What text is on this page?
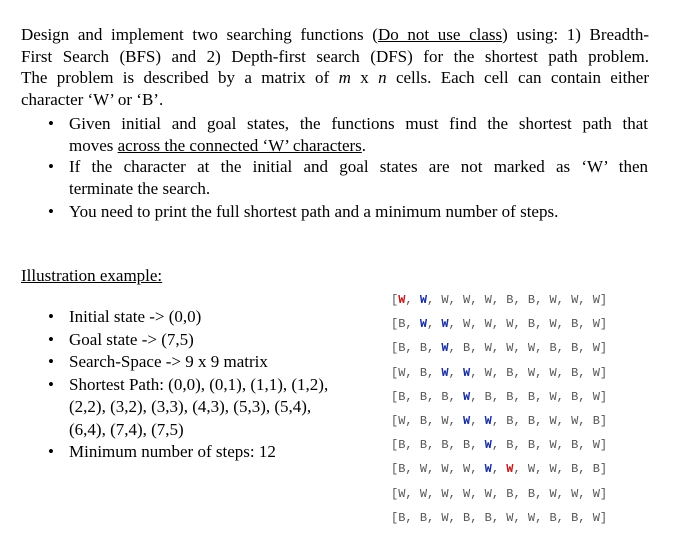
Design and implement two searching functions (Do not use class) using: 1) Breadth-
First Search (BFS) and 2) Depth-first search (DFS) for the shortest path problem.
The problem is described by a matrix of m x n cells. Each cell can contain either
character ‘W’ or ‘B’.
• Given initial and goal states, the functions must find the shortest path that
moves across the connected ‘W’ characters.
• If the character at the initial and goal states are not marked as ‘W’ then
terminate the search.
• You need to print the full shortest path and a minimum number of steps.
Illustration example:
• Initial state -> (0,0)
• Goal state -> (7,5)
• Search-Space -> 9 x 9 matrix
• Shortest Path: (0,0), (0,1), (1,1), (1,2),
(2,2), (3,2), (3,3), (4,3), (5,3), (5,4),
(6,4), (7,4), (7,5)
• Minimum number of steps: 12
[W, W, W, W, W, B, B, W, W, W]
[B, W, W, W, W, W, B, W, B, W]
[B, B, W, B, W, W, W, B, B, W]
[W, B, W, W, W, B, W, W, B, W]
[B, B, B, W, B, B, B, W, B, W]
[W, B, W, W, W, B, B, W, W, B]
[B, B, B, B, W, B, B, W, B, W]
[B, W, W, W, W, W, W, W, B, B]
[W, W, W, W, W, B, B, W, W, W]
[B, B, W, B, B, W, W, B, B, W]
